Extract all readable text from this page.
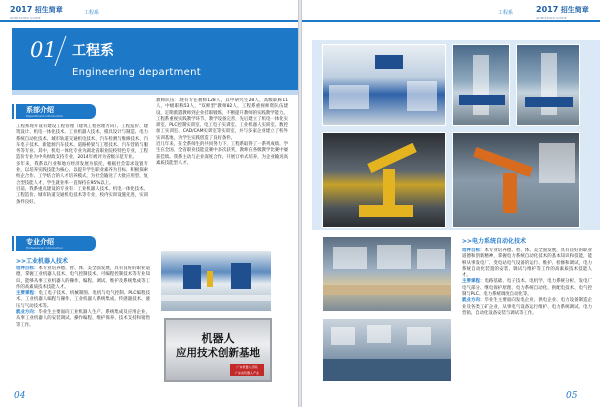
2017 招生简章
ADMISSION GUIDE
工程系
01 工程系
Engineering department
系部介绍
Department introduction

工程系现开设有建设工程管理（建筑工程管理方向）、工程造价、建筑设计、机电一体化技术、工业机器人技术、模具设计与制造、电力系统自动化技术、城市轨道交通机电技术、汽车检测与维修技术、汽车电子技术、新能源汽车技术、道路桥梁与工程技术、汽车营销与服务等专业。其中，机电一体化专业为湖北省职业院校特色专业，工程造价专业为中央财政支持专业，2014年被评为省级示范专业。

多年来，我系以行业和地方经济发展为依托，根据社会需求设置专业，以培养实践技能为核心，以提升学生职业素养为目标，积极探索校企合作、工学结合的人才培养模式，为社会输送了大批应用型、复合型技能人才，学生就业率一直保持在95%以上。

目前，我系重点建设的专业有：工业机器人技术、机电一体化技术、工程造价、城市轨道交通机电技术等专业，校内实训设施先进，实训条件良好。

教师队伍：现有专任教师128人，其中研究生28人，高级职称11人，中级职称53人，"双师型"教师82人，工程系重视师资队伍建设，定期派遣教师到企业挂职锻炼，不断提升教师的实践教学能力。

工程系重视实践教学环节，教学设备完善，先后建立了机电一体化实训室、PLC控制实训室、电工电子实训室、工业机器人实训室、数控加工实训室、CAD/CAM实训室等实训室，并与多家企业建立了校外实训基地，为学生实践创造了良好条件。

近几年来，在全系师生的共同努力下，工程系取得了一系列成绩，学生在全国、全省职业技能竞赛中多次获奖，教师在各级教学比赛中屡获佳绩。我系主动与企业深度合作，开展订单式培养，为企业输送高素质技能型人才。

专业介绍
Professional introduction
>>工业机器人技术

培养目标：本专业培养德、智、体、美全面发展，具有良好的职业道德，掌握工业机器人技术、电气控制技术、可编程控制技术等专业知识，能够从事工业机器人的操作、编程、调试、维护及系统集成等工作的高素质技术技能人才。

主要课程：电工电子技术、机械制图、电机与电气控制、PLC编程技术、工业机器人编程与操作、工业机器人系统集成、传感器技术、液压与气动技术等。

就业方向：毕业生主要面向工业机器人生产、系统集成及应用企业，从事工业机器人的安装调试、操作编程、维护保养、技术支持和销售等工作。

机器人
应用技术创新基地
广东机器人学院
广东省机器人产业
04
工程系	2017 招生简章
ADMISSION GUIDE
>>电力系统自动化技术

培养目标：本专业培养德、智、体、美全面发展，具有良好的职业道德和创新精神，掌握电力系统自动化技术的基本知识和技能，能够从事发电厂、变电站电气设备的运行、维护、检修和调试，电力系统自动化装置的安装、调试与维护等工作的高素质技术技能人才。

主要课程：电路基础、电子技术、电机学、电力系统分析、发电厂电气部分、继电保护原理、电力系统自动化、供配电技术、电气控制与PLC、电力系统调度自动化等。

就业方向：毕业生主要面向发电企业、供电企业、电力设备制造企业及各类工矿企业，从事电气设备运行维护、电力系统调试、电力营销、自动化设备安装与调试等工作。

05
